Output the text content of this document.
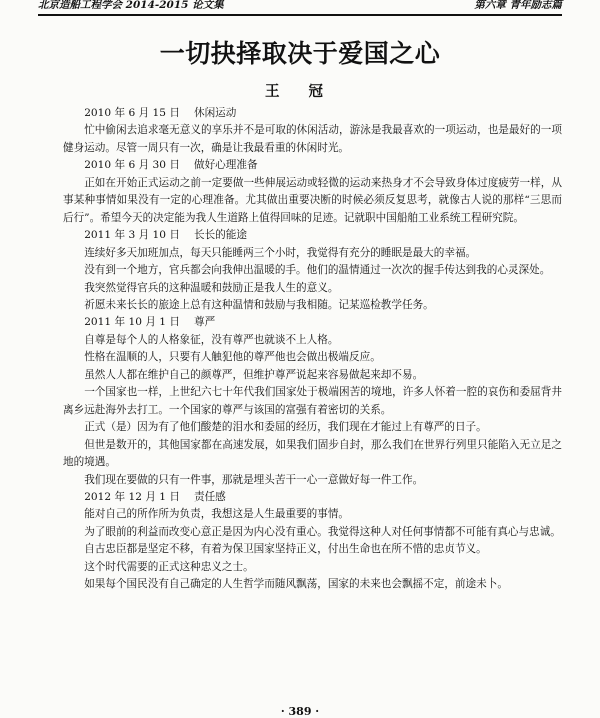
北京造船工程学会 2014-2015 论文集	第六章 青年励志篇
一切抉择取决于爱国之心
王 冠

2010 年 6 月 15 日 休闲运动

忙中偷闲去追求毫无意义的享乐并不是可取的休闲活动，游泳是我最喜欢的一项运动，也是最好的一项健身运动。尽管一周只有一次，确是让我最看重的休闲时光。

2010 年 6 月 30 日 做好心理准备

正如在开始正式运动之前一定要做一些伸展运动或轻微的运动来热身才不会导致身体过度疲劳一样，从事某种事情如果没有一定的心理准备。尤其做出重要决断的时候必须反复思考，就像古人说的那样“三思而后行”。希望今天的决定能为我人生道路上值得回味的足迹。记就职中国船舶工业系统工程研究院。

2011 年 3 月 10 日 长长的能途

连续好多天加班加点，每天只能睡两三个小时，我觉得有充分的睡眠是最大的幸福。

没有到一个地方，官兵都会向我伸出温暖的手。他们的温情通过一次次的握手传达到我的心灵深处。

我突然觉得官兵的这种温暖和鼓励正是我人生的意义。

祈愿未来长长的旅途上总有这种温情和鼓励与我相随。记某巡检教学任务。

2011 年 10 月 1 日 尊严

自尊是每个人的人格象征，没有尊严也就谈不上人格。

性格在温顺的人，只要有人触犯他的尊严他也会做出极端反应。

虽然人人都在维护自己的颜尊严，但维护尊严说起来容易做起来却不易。

一个国家也一样，上世纪六七十年代我们国家处于极端困苦的境地，许多人怀着一腔的哀伤和委屈背井离乡远赴海外去打工。一个国家的尊严与该国的富强有着密切的关系。

正式（是）因为有了他们酸楚的泪水和委屈的经历，我们现在才能过上有尊严的日子。

但世是数开的，其他国家都在高速发展，如果我们固步自封，那么我们在世界行列里只能陷入无立足之地的境遇。

我们现在要做的只有一件事，那就是埋头苦干一心一意做好每一件工作。

2012 年 12 月 1 日 责任感

能对自己的所作所为负责，我想这是人生最重要的事情。

为了眼前的利益而改变心意正是因为内心没有重心。我觉得这种人对任何事情都不可能有真心与忠诚。

自古忠臣都是坚定不移，有着为保卫国家坚持正义，付出生命也在所不惜的忠贞节义。

这个时代需要的正式这种忠义之士。

如果每个国民没有自己确定的人生哲学而随风飘荡，国家的未来也会飘摇不定，前途未卜。

· 389 ·
